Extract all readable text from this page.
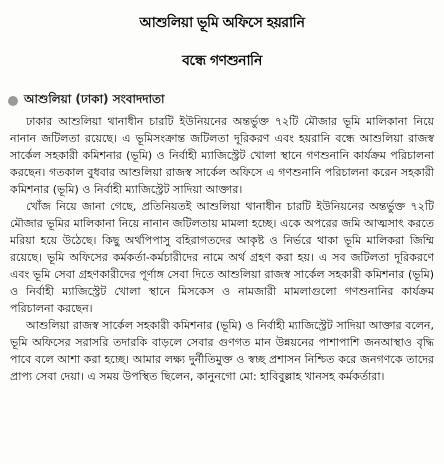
আশুলিয়া ভূমি অফিসে হয়রানি
বন্ধে গণশুনানি
আশুলিয়া (ঢাকা) সংবাদদাতা

ঢাকার আশুলিয়া থানাধীন চারটি ইউনিয়নের অন্তর্ভুক্ত ৭২টি মৌজার ভূমি মালিকানা নিয়ে নানান জটিলতা রয়েছে। এ ভূমিসংক্রান্ত জটিলতা দূরিকরণ এবং হয়রানি বন্ধে আশুলিয়া রাজস্ব সার্কেল সহকারী কমিশনার (ভূমি) ও নির্বাহী ম্যাজিস্ট্রেট খোলা স্থানে গণশুনানি কার্যক্রম পরিচালনা করছেন। গতকাল বুধবার আশুলিয়া রাজস্ব সার্কেল অফিসে এ গণশুনানি পরিচালনা করেন সহকারী কমিশনার (ভূমি) ও নির্বাহী ম্যাজিস্ট্রেট সাদিয়া আক্তার।

খোঁজ নিয়ে জানা গেছে, প্রতিনিয়তই আশুলিয়া থানাধীন চারটি ইউনিয়নের অন্তর্ভুক্ত ৭২টি মৌজার ভূমির মালিকানা নিয়ে নানান জটিলতায় মামলা হচ্ছে। একে অপরের জমি আত্মসাৎ করতে মরিয়া হয়ে উঠেছে। কিছু অর্থপিপাসু বহিরাগতদের আকৃষ্ট ও নির্ভরে থাকা ভূমি মালিকরা জিম্মি রয়েছে। ভূমি অফিসের কর্মকর্তা-কর্মচারীদের নামে অর্থ গ্রহণ করা হয়। এ সব জটিলতা দূরিকরণে এবং ভূমি সেবা গ্রহণকারীদের পূর্ণাঙ্গ সেবা দিতে আশুলিয়া রাজস্ব সার্কেল সহকারী কমিশনার (ভূমি) ও নির্বাহী ম্যাজিস্ট্রেট খোলা স্থানে মিসকেস ও নামজারী মামলাগুলো গণশুনানির কার্যক্রম পরিচালনা করছেন।

আশুলিয়া রাজস্ব সার্কেল সহকারী কমিশনার (ভূমি) ও নির্বাহী ম্যাজিস্ট্রেট সাদিয়া আক্তার বলেন, ভূমি অফিসের সরাসরি তদারকি বাড়লে সেবার গুণগত মান উন্নয়নের পাশাপাশি জনআস্থাও বৃদ্ধি পাবে বলে আশা করা হচ্ছে। আমার লক্ষ্য দুর্নীতিমুক্ত ও স্বচ্ছ প্রশাসন নিশ্চিত করে জনগণকে তাদের প্রাপ্য সেবা দেয়া। এ সময় উপস্থিত ছিলেন, কানুনগো মো: হাবিবুল্লাহ খানসহ কর্মকর্তারা।
